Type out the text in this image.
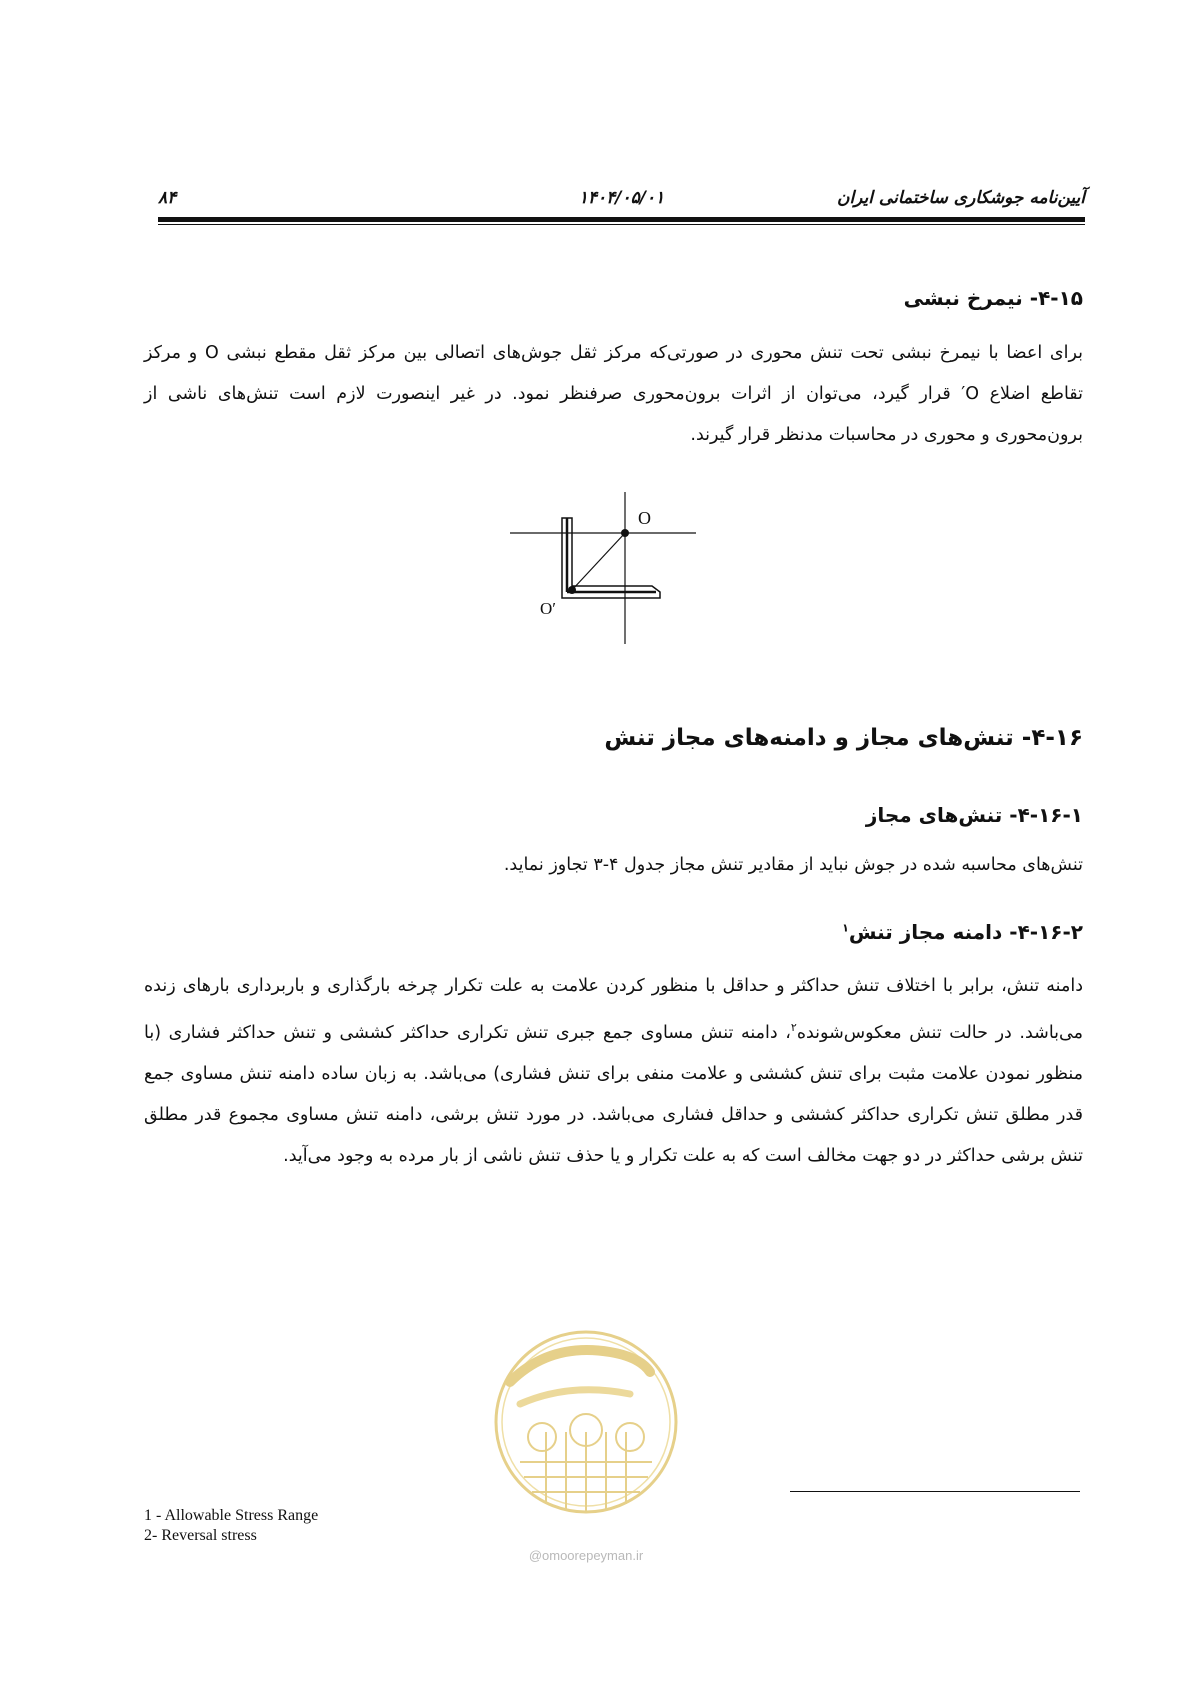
آیین‌نامه جوشکاری ساختمانی ایران
۱۴۰۴/۰۵/۰۱
۸۴
۴-۱۵- نیمرخ نبشی
برای اعضا با نیمرخ نبشی تحت تنش محوری در صورتی‌که مرکز ثقل جوش‌های اتصالی بین مرکز ثقل مقطع نبشی O و مرکز تقاطع اضلاع O′ قرار گیرد، می‌توان از اثرات برون‌محوری صرفنظر نمود. در غیر اینصورت لازم است تنش‌های ناشی از برون‌محوری و محوری در محاسبات مدنظر قرار گیرند.
O
O′
۴-۱۶- تنش‌های مجاز و دامنه‌های مجاز تنش
۴-۱۶-۱- تنش‌های مجاز
تنش‌های محاسبه شده در جوش نباید از مقادیر تنش مجاز جدول ۴-۳ تجاوز نماید.
۴-۱۶-۲- دامنه مجاز تنش$^۱$
دامنه تنش، برابر با اختلاف تنش حداکثر و حداقل با منظور کردن علامت به علت تکرار چرخه بارگذاری و باربرداری بارهای زنده می‌باشد. در حالت تنش معکوس‌شونده$^۲$، دامنه تنش مساوی جمع جبری تنش تکراری حداکثر کششی و تنش حداکثر فشاری (با منظور نمودن علامت مثبت برای تنش کششی و علامت منفی برای تنش فشاری) می‌باشد. به زبان ساده دامنه تنش مساوی جمع قدر مطلق تنش تکراری حداکثر کششی و حداقل فشاری می‌باشد. در مورد تنش برشی، دامنه تنش مساوی مجموع قدر مطلق تنش برشی حداکثر در دو جهت مخالف است که به علت تکرار و یا حذف تنش ناشی از بار مرده به وجود می‌آید.
@omoorepeyman.ir
1 - Allowable Stress Range
2- Reversal stress
